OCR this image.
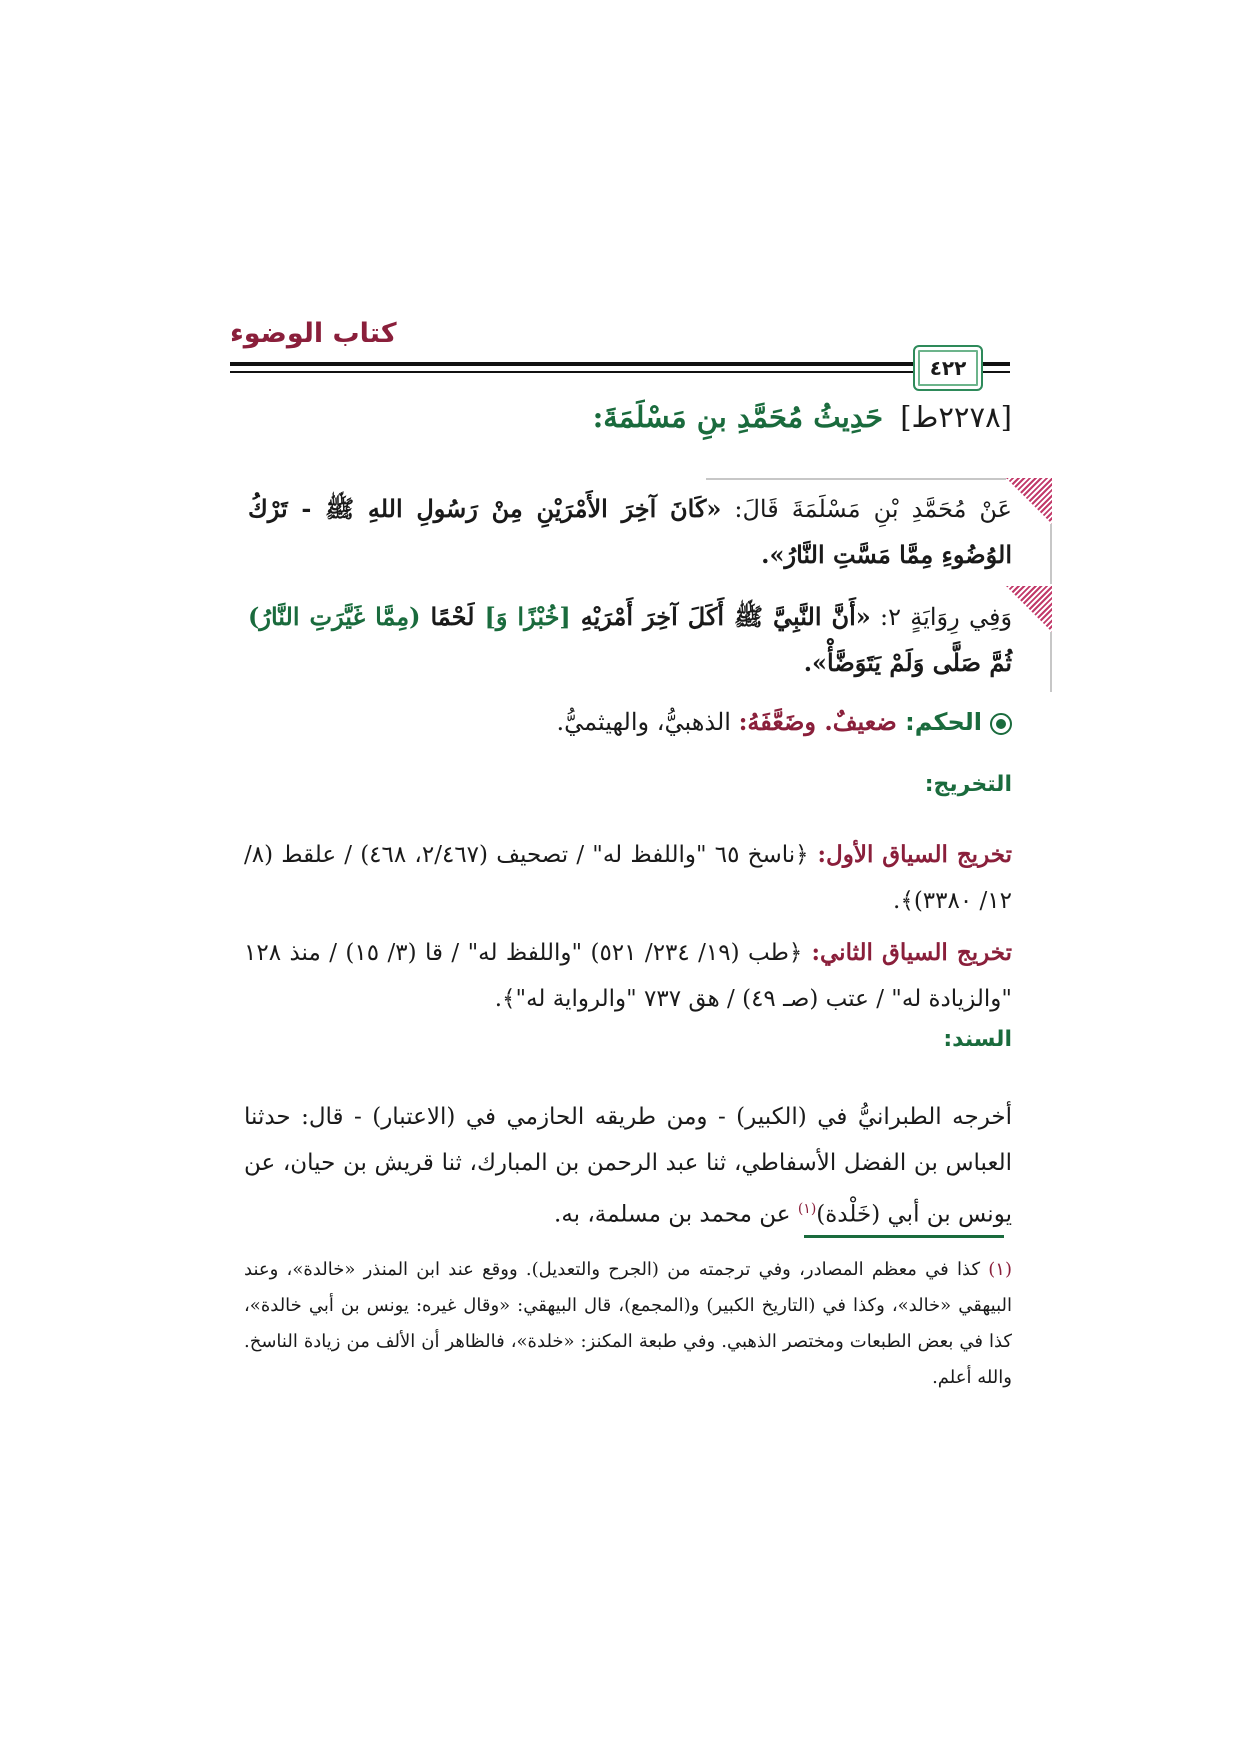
كتاب الوضوء
٤٢٢
[٢٢٧٨ط] حَدِيثُ مُحَمَّدِ بنِ مَسْلَمَةَ:
عَنْ مُحَمَّدِ بْنِ مَسْلَمَةَ قَالَ: «كَانَ آخِرَ الأَمْرَيْنِ مِنْ رَسُولِ اللهِ ﷺ - تَرْكُ الوُضُوءِ مِمَّا مَسَّتِ النَّارُ».
وَفِي رِوَايَةٍ ٢: «أَنَّ النَّبِيَّ ﷺ أَكَلَ آخِرَ أَمْرَيْهِ [خُبْزًا وَ] لَحْمًا (مِمَّا غَيَّرَتِ النَّارُ) ثُمَّ صَلَّى وَلَمْ يَتَوَضَّأْ».
الحكم: ضعيفٌ. وضَعَّفَهُ: الذهبيُّ، والهيثميُّ.
التخريج:
تخريج السياق الأول: ﴿ناسخ ٦٥ "واللفظ له" / تصحيف (٢/٤٦٧، ٤٦٨) / علقط (٨/ ١٢/ ٣٣٨٠)﴾.
تخريج السياق الثاني: ﴿طب (١٩/ ٢٣٤/ ٥٢١) "واللفظ له" / قا (٣/ ١٥) / منذ ١٢٨ "والزيادة له" / عتب (صـ ٤٩) / هق ٧٣٧ "والرواية له"﴾.
السند:
أخرجه الطبرانيُّ في (الكبير) - ومن طريقه الحازمي في (الاعتبار) - قال: حدثنا العباس بن الفضل الأسفاطي، ثنا عبد الرحمن بن المبارك، ثنا قريش بن حيان، عن يونس بن أبي (خَلْدة)$^{(١)}$ عن محمد بن مسلمة، به.
(١) كذا في معظم المصادر، وفي ترجمته من (الجرح والتعديل). ووقع عند ابن المنذر «خالدة»، وعند البيهقي «خالد»، وكذا في (التاريخ الكبير) و(المجمع)، قال البيهقي: «وقال غيره: يونس بن أبي خالدة»، كذا في بعض الطبعات ومختصر الذهبي. وفي طبعة المكنز: «خلدة»، فالظاهر أن الألف من زيادة الناسخ. والله أعلم.
